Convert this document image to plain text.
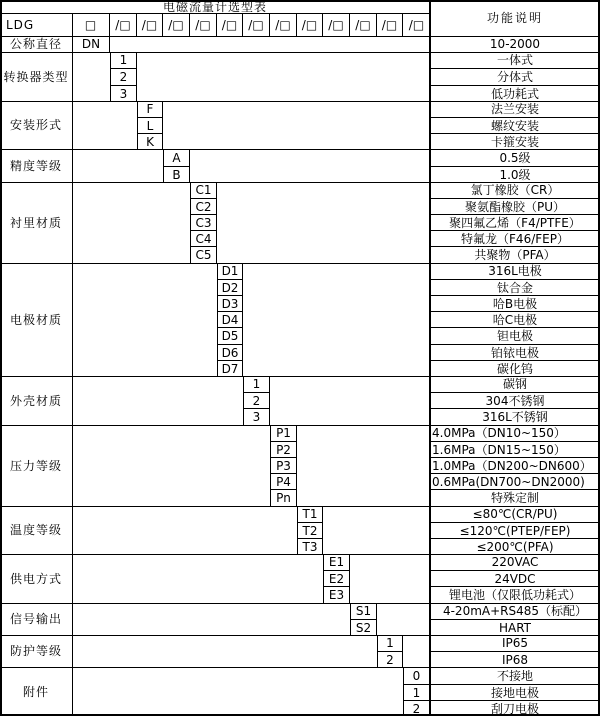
电磁流量计选型表
功能说明
LDG	□	/□ /□ /□ /□ /□ /□ /□ /□ /□ /□ /□ /□
公称直径	DN	10-2000
转换器类型
1	一体式
2	分体式
3	低功耗式
安装形式
F	法兰安装
L	螺纹安装
K	卡箍安装
精度等级
A	0.5级
B	1.0级
衬里材质
C1	氯丁橡胶（CR）
C2	聚氨酯橡胶（PU）
C3	聚四氟乙烯（F4/PTFE）
C4	特氟龙（F46/FEP）
C5	共聚物（PFA）
电极材质
D1	316L电极
D2	钛合金
D3	哈B电极
D4	哈C电极
D5	钽电极
D6	铂铱电极
D7	碳化钨
外壳材质
1	碳钢
2	304不锈钢
3	316L不锈钢
压力等级
P1	4.0MPa（DN10~150）
P2	1.6MPa（DN15~150）
P3	1.0MPa（DN200~DN600）
P4	0.6MPa(DN700~DN2000)
Pn	特殊定制
温度等级
T1	≤80℃(CR/PU)
T2	≤120℃(PTEP/FEP)
T3	≤200℃(PFA)
供电方式
E1	220VAC
E2	24VDC
E3	锂电池（仅限低功耗式）
信号输出
S1	4-20mA+RS485（标配）
S2	HART
防护等级
1	IP65
2	IP68
附件
0	不接地
1	接地电极
2	刮刀电极
